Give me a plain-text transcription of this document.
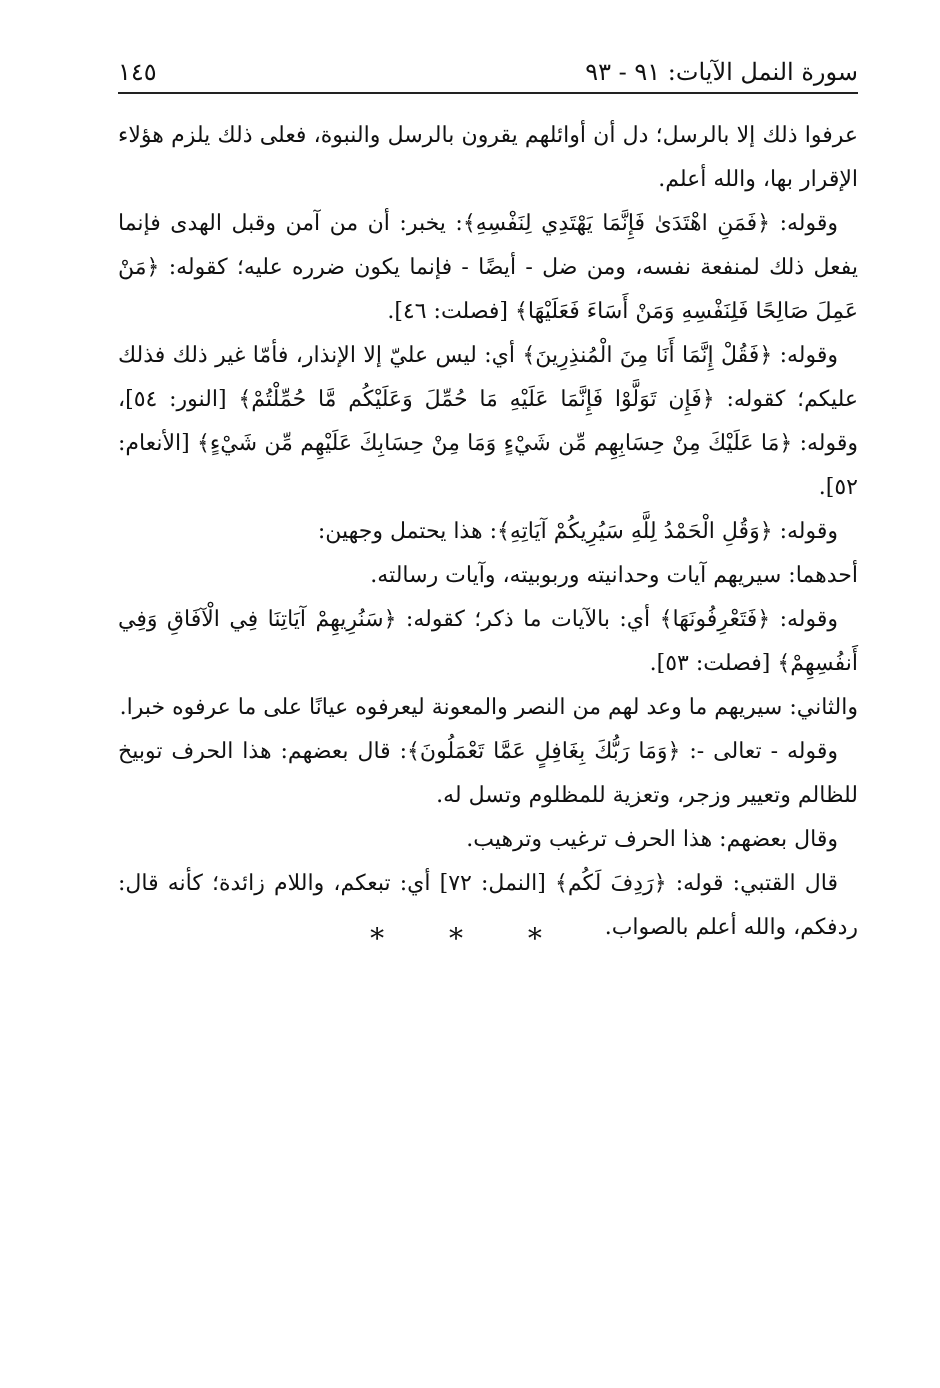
سورة النمل الآيات: ٩١ - ٩٣
١٤٥

عرفوا ذلك إلا بالرسل؛ دل أن أوائلهم يقرون بالرسل والنبوة، فعلى ذلك يلزم هؤلاء الإقرار بها، والله أعلم.

وقوله: ﴿فَمَنِ اهْتَدَىٰ فَإِنَّمَا يَهْتَدِي لِنَفْسِهِ﴾: يخبر: أن من آمن وقبل الهدى فإنما يفعل ذلك لمنفعة نفسه، ومن ضل - أيضًا - فإنما يكون ضرره عليه؛ كقوله: ﴿مَنْ عَمِلَ صَالِحًا فَلِنَفْسِهِ وَمَنْ أَسَاءَ فَعَلَيْهَا﴾ [فصلت: ٤٦].

وقوله: ﴿فَقُلْ إِنَّمَا أَنَا مِنَ الْمُنذِرِينَ﴾ أي: ليس عليّ إلا الإنذار، فأمّا غير ذلك فذلك عليكم؛ كقوله: ﴿فَإِن تَوَلَّوْا فَإِنَّمَا عَلَيْهِ مَا حُمِّلَ وَعَلَيْكُم مَّا حُمِّلْتُمْ﴾ [النور: ٥٤]، وقوله: ﴿مَا عَلَيْكَ مِنْ حِسَابِهِم مِّن شَيْءٍ وَمَا مِنْ حِسَابِكَ عَلَيْهِم مِّن شَيْءٍ﴾ [الأنعام: ٥٢].

وقوله: ﴿وَقُلِ الْحَمْدُ لِلَّهِ سَيُرِيكُمْ آيَاتِهِ﴾: هذا يحتمل وجهين:

أحدهما: سيريهم آيات وحدانيته وربوبيته، وآيات رسالته.

وقوله: ﴿فَتَعْرِفُونَهَا﴾ أي: بالآيات ما ذكر؛ كقوله: ﴿سَنُرِيهِمْ آيَاتِنَا فِي الْآفَاقِ وَفِي أَنفُسِهِمْ﴾ [فصلت: ٥٣].

والثاني: سيريهم ما وعد لهم من النصر والمعونة ليعرفوه عيانًا على ما عرفوه خبرا.

وقوله - تعالى -: ﴿وَمَا رَبُّكَ بِغَافِلٍ عَمَّا تَعْمَلُونَ﴾: قال بعضهم: هذا الحرف توبيخ للظالم وتعيير وزجر، وتعزية للمظلوم وتسل له.

وقال بعضهم: هذا الحرف ترغيب وترهيب.

قال القتبي: قوله: ﴿رَدِفَ لَكُم﴾ [النمل: ٧٢] أي: تبعكم، واللام زائدة؛ كأنه قال: ردفكم، والله أعلم بالصواب.

* * *
